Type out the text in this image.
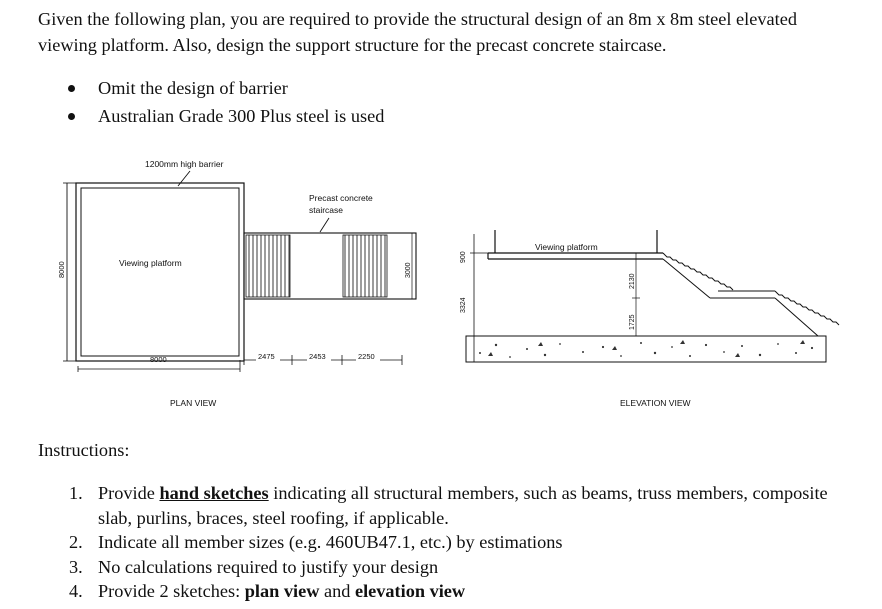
Given the following plan, you are required to provide the structural design of an 8m x 8m steel elevated viewing platform. Also, design the support structure for the precast concrete staircase.

Omit the design of barrier
Australian Grade 300 Plus steel is used
1200mm high barrier
Viewing platform
8000
8000
Precast concrete
staircase
3000
2475	2453	2250
PLAN VIEW
Viewing platform
900
3324
2130
1725
ELEVATION VIEW

Instructions:

1. Provide hand sketches indicating all structural members, such as beams, truss members, composite slab, purlins, braces, steel roofing, if applicable.
2. Indicate all member sizes (e.g. 460UB47.1, etc.) by estimations
3. No calculations required to justify your design
4. Provide 2 sketches: plan view and elevation view
